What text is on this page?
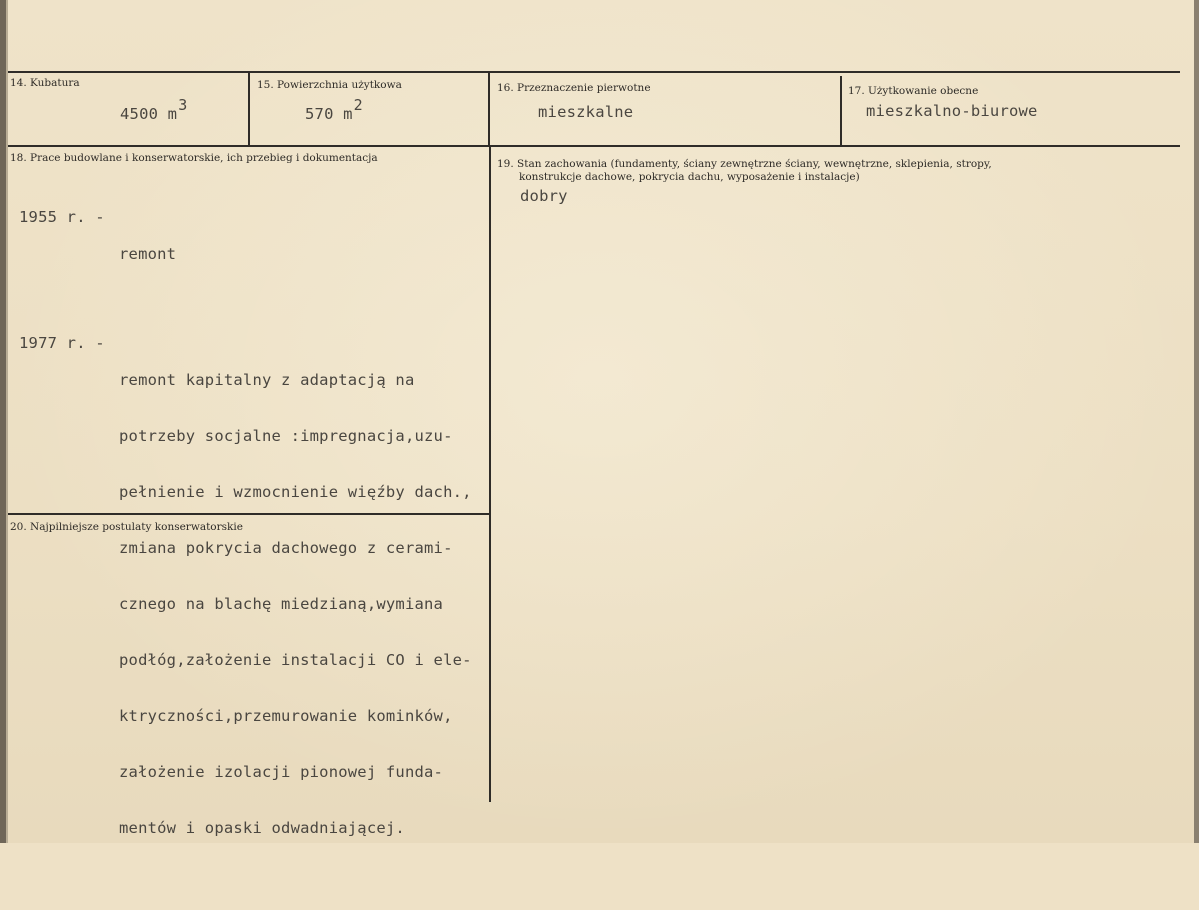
14. Kubatura
4500 m3
15. Powierzchnia użytkowa
570 m2
16. Przeznaczenie pierwotne
mieszkalne
17. Użytkowanie obecne
mieszkalno-biurowe
18. Prace budowlane i konserwatorskie, ich przebieg i dokumentacja

1955 r. -

remont

1977 r. -

remont kapitalny z adaptacją na

potrzeby socjalne :impregnacja,uzu-

pełnienie i wzmocnienie więźby dach.,

zmiana pokrycia dachowego z cerami-

cznego na blachę miedzianą,wymiana

podłóg,założenie instalacji CO i ele-

ktryczności,przemurowanie kominków,

założenie izolacji pionowej funda-

mentów i opaski odwadniającej.

19. Stan zachowania (fundamenty, ściany zewnętrzne ściany, wewnętrzne, sklepienia, stropy,
konstrukcje dachowe, pokrycia dachu, wyposażenie i instalacje)
dobry
20. Najpilniejsze postulaty konserwatorskie
